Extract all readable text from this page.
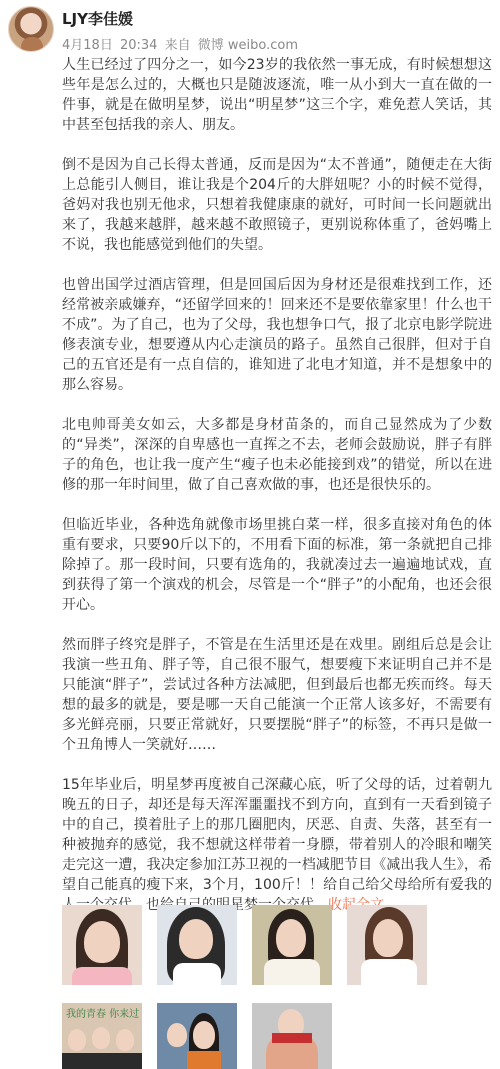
LJY李佳媛
4月18日 20:34 来自 微博 weibo.com

人生已经过了四分之一，如今23岁的我依然一事无成，有时候想想这些年是怎么过的，大概也只是随波逐流，唯一从小到大一直在做的一件事，就是在做明星梦，说出“明星梦”这三个字，难免惹人笑话，其中甚至包括我的亲人、朋友。

倒不是因为自己长得太普通，反而是因为“太不普通”，随便走在大街上总能引人侧目，谁让我是个204斤的大胖妞呢？小的时候不觉得，爸妈对我也别无他求，只想着我健康康的就好，可时间一长问题就出来了，我越来越胖，越来越不敢照镜子，更别说称体重了，爸妈嘴上不说，我也能感觉到他们的失望。

也曾出国学过酒店管理，但是回国后因为身材还是很难找到工作，还经常被亲戚嫌弃，“还留学回来的！回来还不是要依靠家里！什么也干不成”。为了自己，也为了父母，我也想争口气，报了北京电影学院进修表演专业，想要遵从内心走演员的路子。虽然自己很胖，但对于自己的五官还是有一点自信的，谁知进了北电才知道，并不是想象中的那么容易。

北电帅哥美女如云，大多都是身材苗条的，而自己显然成为了少数的“异类”，深深的自卑感也一直挥之不去，老师会鼓励说，胖子有胖子的角色，也让我一度产生“瘦子也未必能接到戏”的错觉，所以在进修的那一年时间里，做了自己喜欢做的事，也还是很快乐的。

但临近毕业，各种选角就像市场里挑白菜一样，很多直接对角色的体重有要求，只要90斤以下的，不用看下面的标准，第一条就把自己排除掉了。那一段时间，只要有选角的，我就凑过去一遍遍地试戏，直到获得了第一个演戏的机会，尽管是一个“胖子”的小配角，也还会很开心。

然而胖子终究是胖子，不管是在生活里还是在戏里。剧组后总是会让我演一些丑角、胖子等，自己很不服气，想要瘦下来证明自己并不是只能演“胖子”，尝试过各种方法减肥，但到最后也都无疾而终。每天想的最多的就是，要是哪一天自己能演一个正常人该多好，不需要有多光鲜亮丽，只要正常就好，只要摆脱“胖子”的标签，不再只是做一个丑角博人一笑就好……

15年毕业后，明星梦再度被自己深藏心底，听了父母的话，过着朝九晚五的日子，却还是每天浑浑噩噩找不到方向，直到有一天看到镜子中的自己，摸着肚子上的那几圈肥肉，厌恶、自责、失落，甚至有一种被抛弃的感觉，我不想就这样带着一身膘，带着别人的冷眼和嘲笑走完这一遭，我决定参加江苏卫视的一档减肥节目《减出我人生》，希望自己能真的瘦下来，3个月，100斤！！给自己给父母给所有爱我的 也 星梦一

我的青春 你来过
